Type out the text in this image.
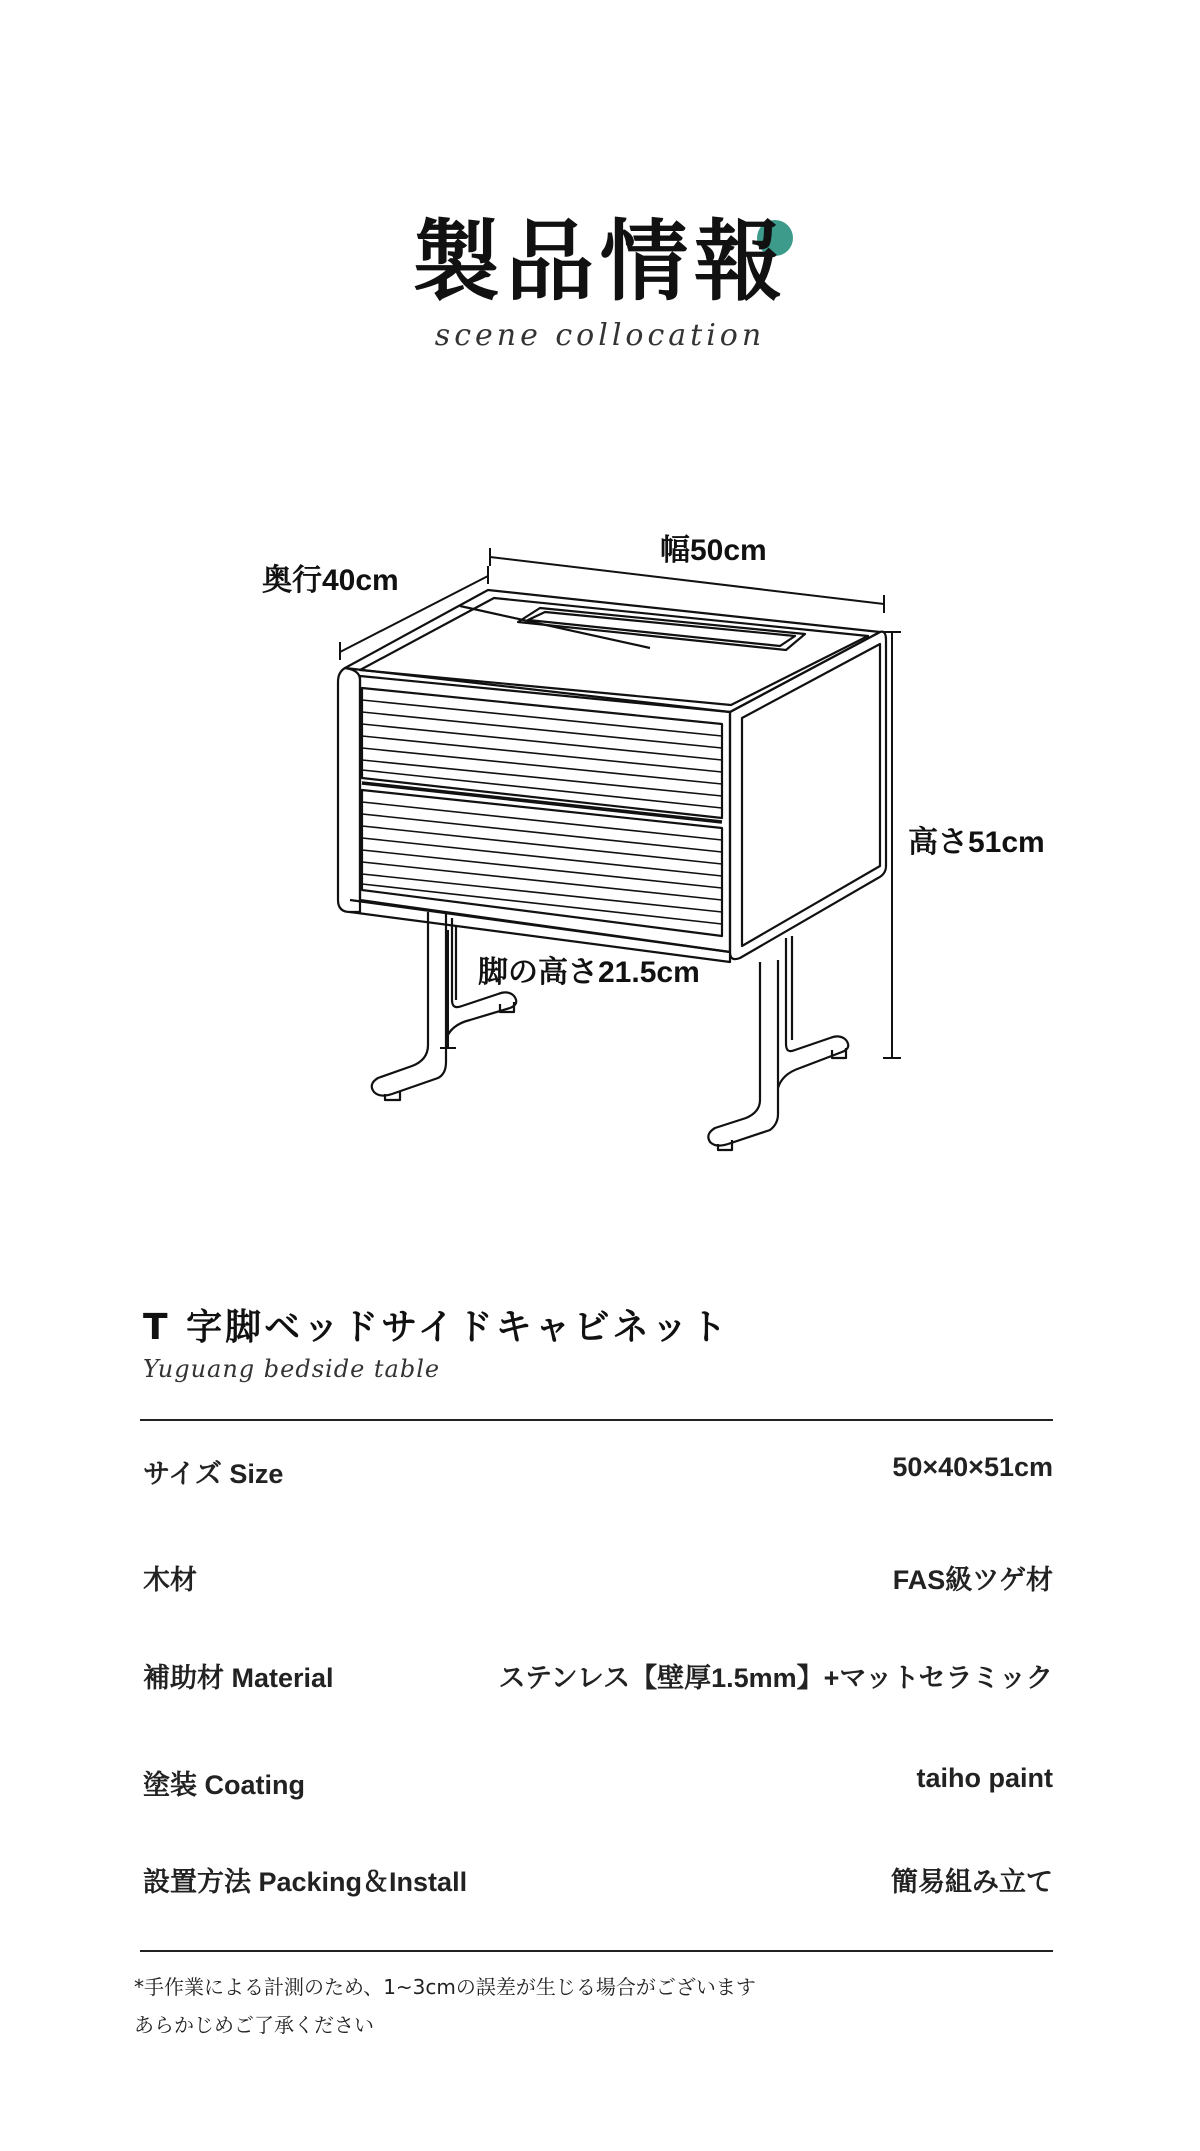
製品情報
scene collocation
幅50cm
奥行40cm
高さ51cm
脚の高さ21.5cm
T 字脚ベッドサイドキャビネット
Yuguang bedside table
サイズ Size	50×40×51cm
木材	FAS級ツゲ材
補助材 Material	ステンレス【壁厚1.5mm】+マットセラミック
塗装 Coating	taiho paint
設置方法 Packing＆Install	簡易組み立て
*手作業による計測のため、1~3cmの誤差が生じる場合がございます
あらかじめご了承ください
